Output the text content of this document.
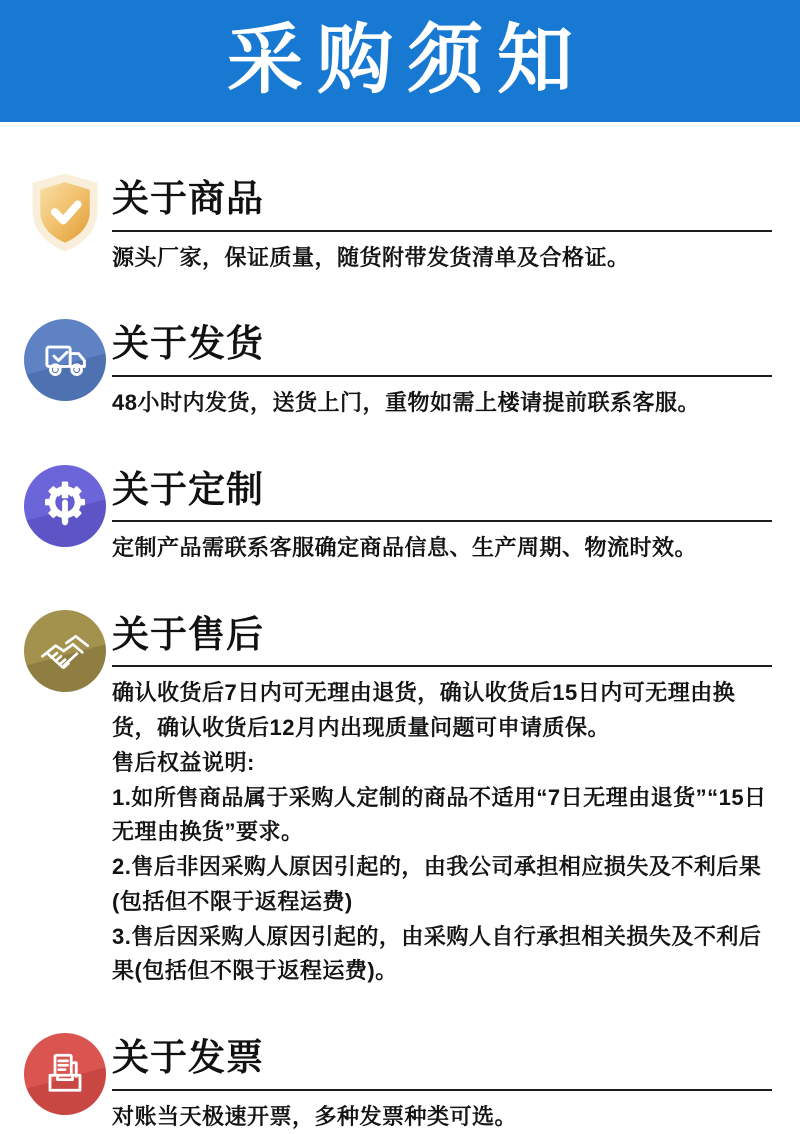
采购须知
关于商品

源头厂家，保证质量，随货附带发货清单及合格证。

关于发货

48小时内发货，送货上门，重物如需上楼请提前联系客服。

关于定制

定制产品需联系客服确定商品信息、生产周期、物流时效。

关于售后

确认收货后7日内可无理由退货，确认收货后15日内可无理由换货，确认收货后12月内出现质量问题可申请质保。

售后权益说明:

1.如所售商品属于采购人定制的商品不适用“7日无理由退货”“15日无理由换货”要求。

2.售后非因采购人原因引起的，由我公司承担相应损失及不利后果(包括但不限于返程运费)

3.售后因采购人原因引起的，由采购人自行承担相关损失及不利后果(包括但不限于返程运费)。

关于发票

对账当天极速开票，多种发票种类可选。
